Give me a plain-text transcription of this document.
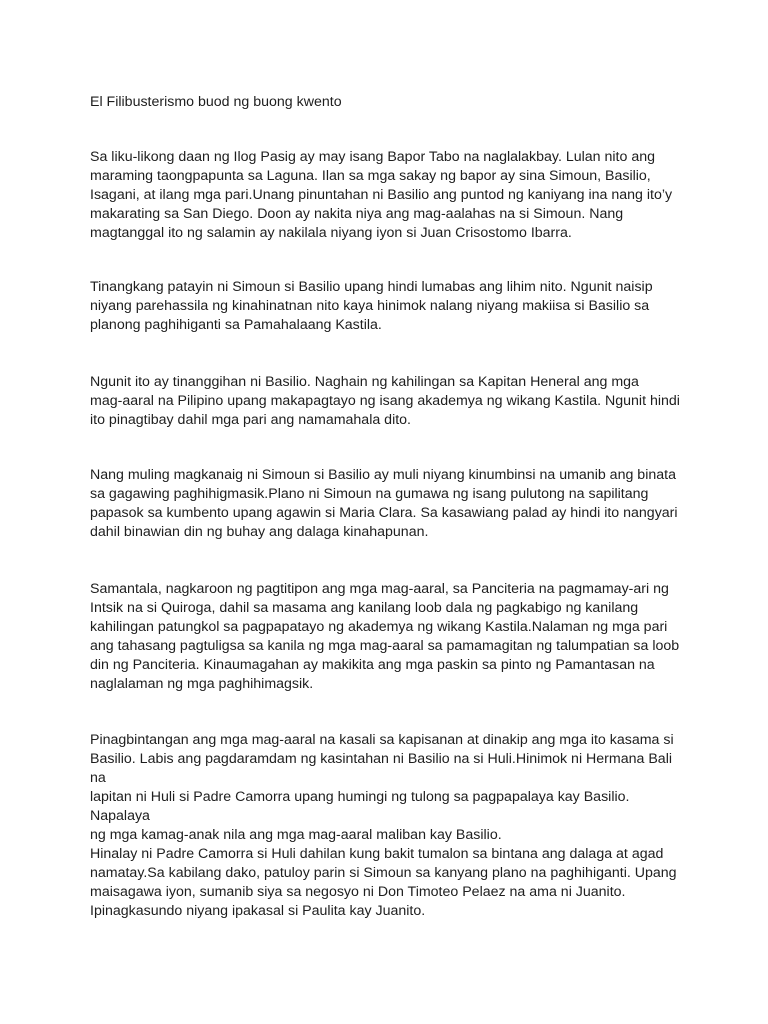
El Filibusterismo buod ng buong kwento

Sa liku-likong daan ng Ilog Pasig ay may isang Bapor Tabo na naglalakbay. Lulan nito ang
maraming taongpapunta sa Laguna. Ilan sa mga sakay ng bapor ay sina Simoun, Basilio,
Isagani, at ilang mga pari.Unang pinuntahan ni Basilio ang puntod ng kaniyang ina nang ito’y
makarating sa San Diego. Doon ay nakita niya ang mag-aalahas na si Simoun. Nang
magtanggal ito ng salamin ay nakilala niyang iyon si Juan Crisostomo Ibarra.

Tinangkang patayin ni Simoun si Basilio upang hindi lumabas ang lihim nito. Ngunit naisip
niyang parehassila ng kinahinatnan nito kaya hinimok nalang niyang makiisa si Basilio sa
planong paghihiganti sa Pamahalaang Kastila.

Ngunit ito ay tinanggihan ni Basilio. Naghain ng kahilingan sa Kapitan Heneral ang mga
mag-aaral na Pilipino upang makapagtayo ng isang akademya ng wikang Kastila. Ngunit hindi
ito pinagtibay dahil mga pari ang namamahala dito.

Nang muling magkanaig ni Simoun si Basilio ay muli niyang kinumbinsi na umanib ang binata
sa gagawing paghihigmasik.Plano ni Simoun na gumawa ng isang pulutong na sapilitang
papasok sa kumbento upang agawin si Maria Clara. Sa kasawiang palad ay hindi ito nangyari
dahil binawian din ng buhay ang dalaga kinahapunan.

Samantala, nagkaroon ng pagtitipon ang mga mag-aaral, sa Panciteria na pagmamay-ari ng
Intsik na si Quiroga, dahil sa masama ang kanilang loob dala ng pagkabigo ng kanilang
kahilingan patungkol sa pagpapatayo ng akademya ng wikang Kastila.Nalaman ng mga pari
ang tahasang pagtuligsa sa kanila ng mga mag-aaral sa pamamagitan ng talumpatian sa loob
din ng Panciteria. Kinaumagahan ay makikita ang mga paskin sa pinto ng Pamantasan na
naglalaman ng mga paghihimagsik.

Pinagbintangan ang mga mag-aaral na kasali sa kapisanan at dinakip ang mga ito kasama si
Basilio. Labis ang pagdaramdam ng kasintahan ni Basilio na si Huli.Hinimok ni Hermana Bali na
lapitan ni Huli si Padre Camorra upang humingi ng tulong sa pagpapalaya kay Basilio. Napalaya
ng mga kamag-anak nila ang mga mag-aaral maliban kay Basilio.

Hinalay ni Padre Camorra si Huli dahilan kung bakit tumalon sa bintana ang dalaga at agad
namatay.Sa kabilang dako, patuloy parin si Simoun sa kanyang plano na paghihiganti. Upang
maisagawa iyon, sumanib siya sa negosyo ni Don Timoteo Pelaez na ama ni Juanito.
Ipinagkasundo niyang ipakasal si Paulita kay Juanito.
